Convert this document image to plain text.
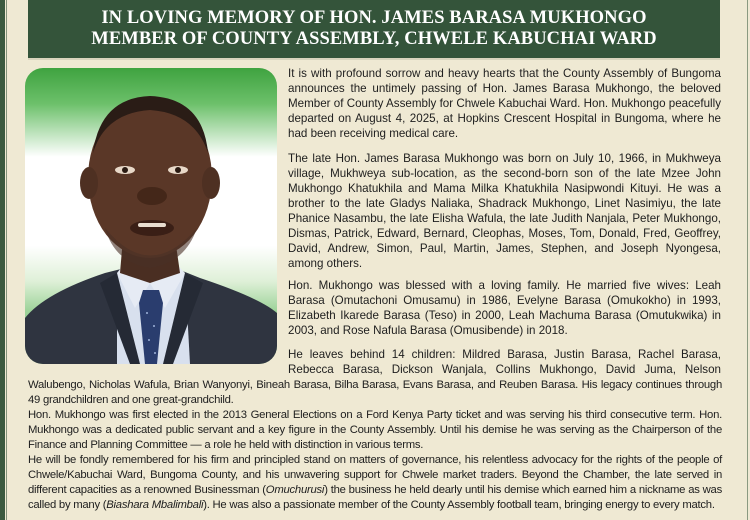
IN LOVING MEMORY OF HON. JAMES BARASA MUKHONGO
MEMBER OF COUNTY ASSEMBLY, CHWELE KABUCHAI WARD

It is with profound sorrow and heavy hearts that the County Assembly of Bungoma announces the untimely passing of Hon. James Barasa Mukhongo, the beloved Member of County Assembly for Chwele Kabuchai Ward. Hon. Mukhongo peacefully departed on August 4, 2025, at Hopkins Crescent Hospital in Bungoma, where he had been receiving medical care.

The late Hon. James Barasa Mukhongo was born on July 10, 1966, in Mukhweya village, Mukhweya sub-location, as the second-born son of the late Mzee John Mukhongo Khatukhila and Mama Milka Khatukhila Nasipwondi Kituyi. He was a brother to the late Gladys Naliaka, Shadrack Mukhongo, Linet Nasimiyu, the late Phanice Nasambu, the late Elisha Wafula, the late Judith Nanjala, Peter Mukhongo, Dismas, Patrick, Edward, Bernard, Cleophas, Moses, Tom, Donald, Fred, Geoffrey, David, Andrew, Simon, Paul, Martin, James, Stephen, and Joseph Nyongesa, among others.

Hon. Mukhongo was blessed with a loving family. He married five wives: Leah Barasa (Omutachoni Omusamu) in 1986, Evelyne Barasa (Omukokho) in 1993, Elizabeth Ikarede Barasa (Teso) in 2000, Leah Machuma Barasa (Omutukwika) in 2003, and Rose Nafula Barasa (Omusibende) in 2018.

He leaves behind 14 children: Mildred Barasa, Justin Barasa, Rachel Barasa, Rebecca Barasa, Dickson Wanjala, Collins Mukhongo, David Juma, Nelson

Walubengo, Nicholas Wafula, Brian Wanyonyi, Bineah Barasa, Bilha Barasa, Evans Barasa, and Reuben Barasa. His legacy continues through 49 grandchildren and one great-grandchild.

Hon. Mukhongo was first elected in the 2013 General Elections on a Ford Kenya Party ticket and was serving his third consecutive term. Hon. Mukhongo was a dedicated public servant and a key figure in the County Assembly. Until his demise he was serving as the Chairperson of the Finance and Planning Committee — a role he held with distinction in various terms.

He will be fondly remembered for his firm and principled stand on matters of governance, his relentless advocacy for the rights of the people of Chwele/Kabuchai Ward, Bungoma County, and his unwavering support for Chwele market traders. Beyond the Chamber, the late served in different capacities as a renowned Businessman (Omuchurusi) the business he held dearly until his demise which earned him a nickname as was called by many (Biashara Mbalimbali). He was also a passionate member of the County Assembly football team, bringing energy to every match.
